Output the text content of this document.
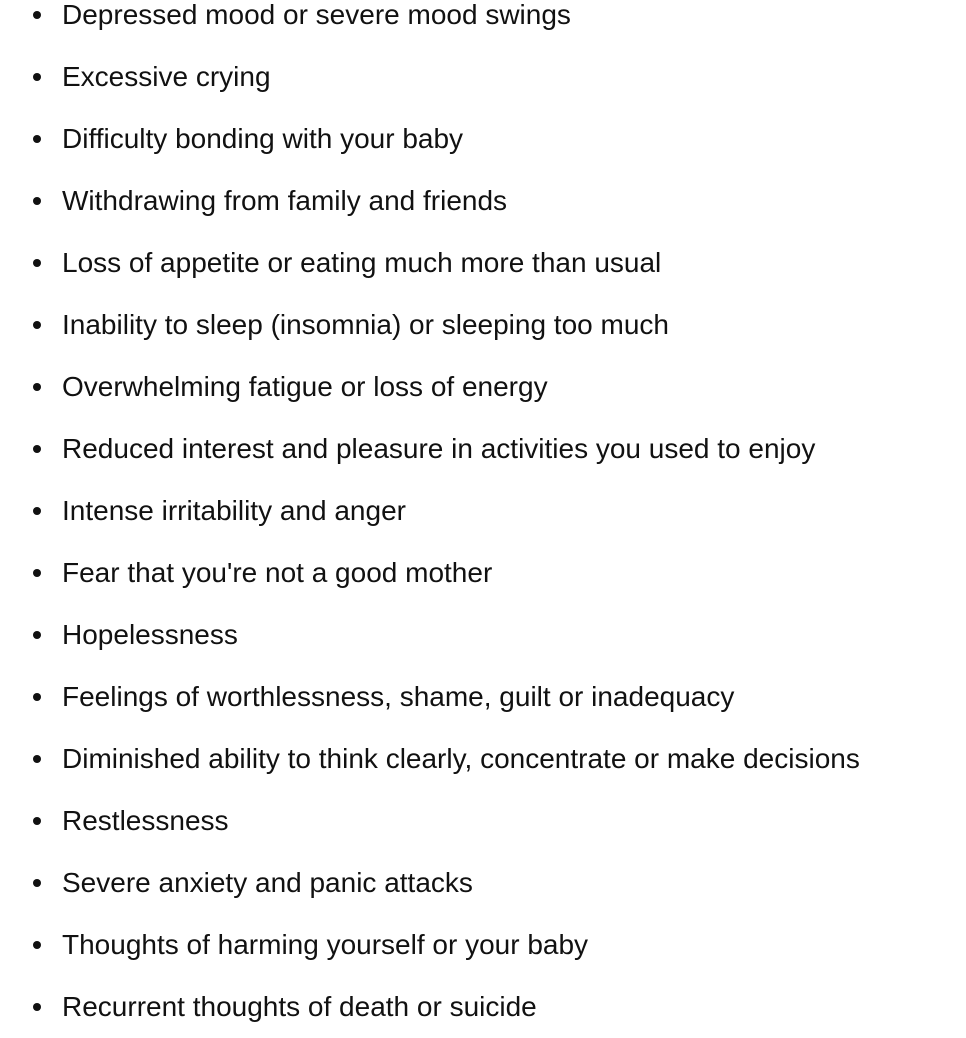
Depressed mood or severe mood swings
Excessive crying
Difficulty bonding with your baby
Withdrawing from family and friends
Loss of appetite or eating much more than usual
Inability to sleep (insomnia) or sleeping too much
Overwhelming fatigue or loss of energy
Reduced interest and pleasure in activities you used to enjoy
Intense irritability and anger
Fear that you're not a good mother
Hopelessness
Feelings of worthlessness, shame, guilt or inadequacy
Diminished ability to think clearly, concentrate or make decisions
Restlessness
Severe anxiety and panic attacks
Thoughts of harming yourself or your baby
Recurrent thoughts of death or suicide
